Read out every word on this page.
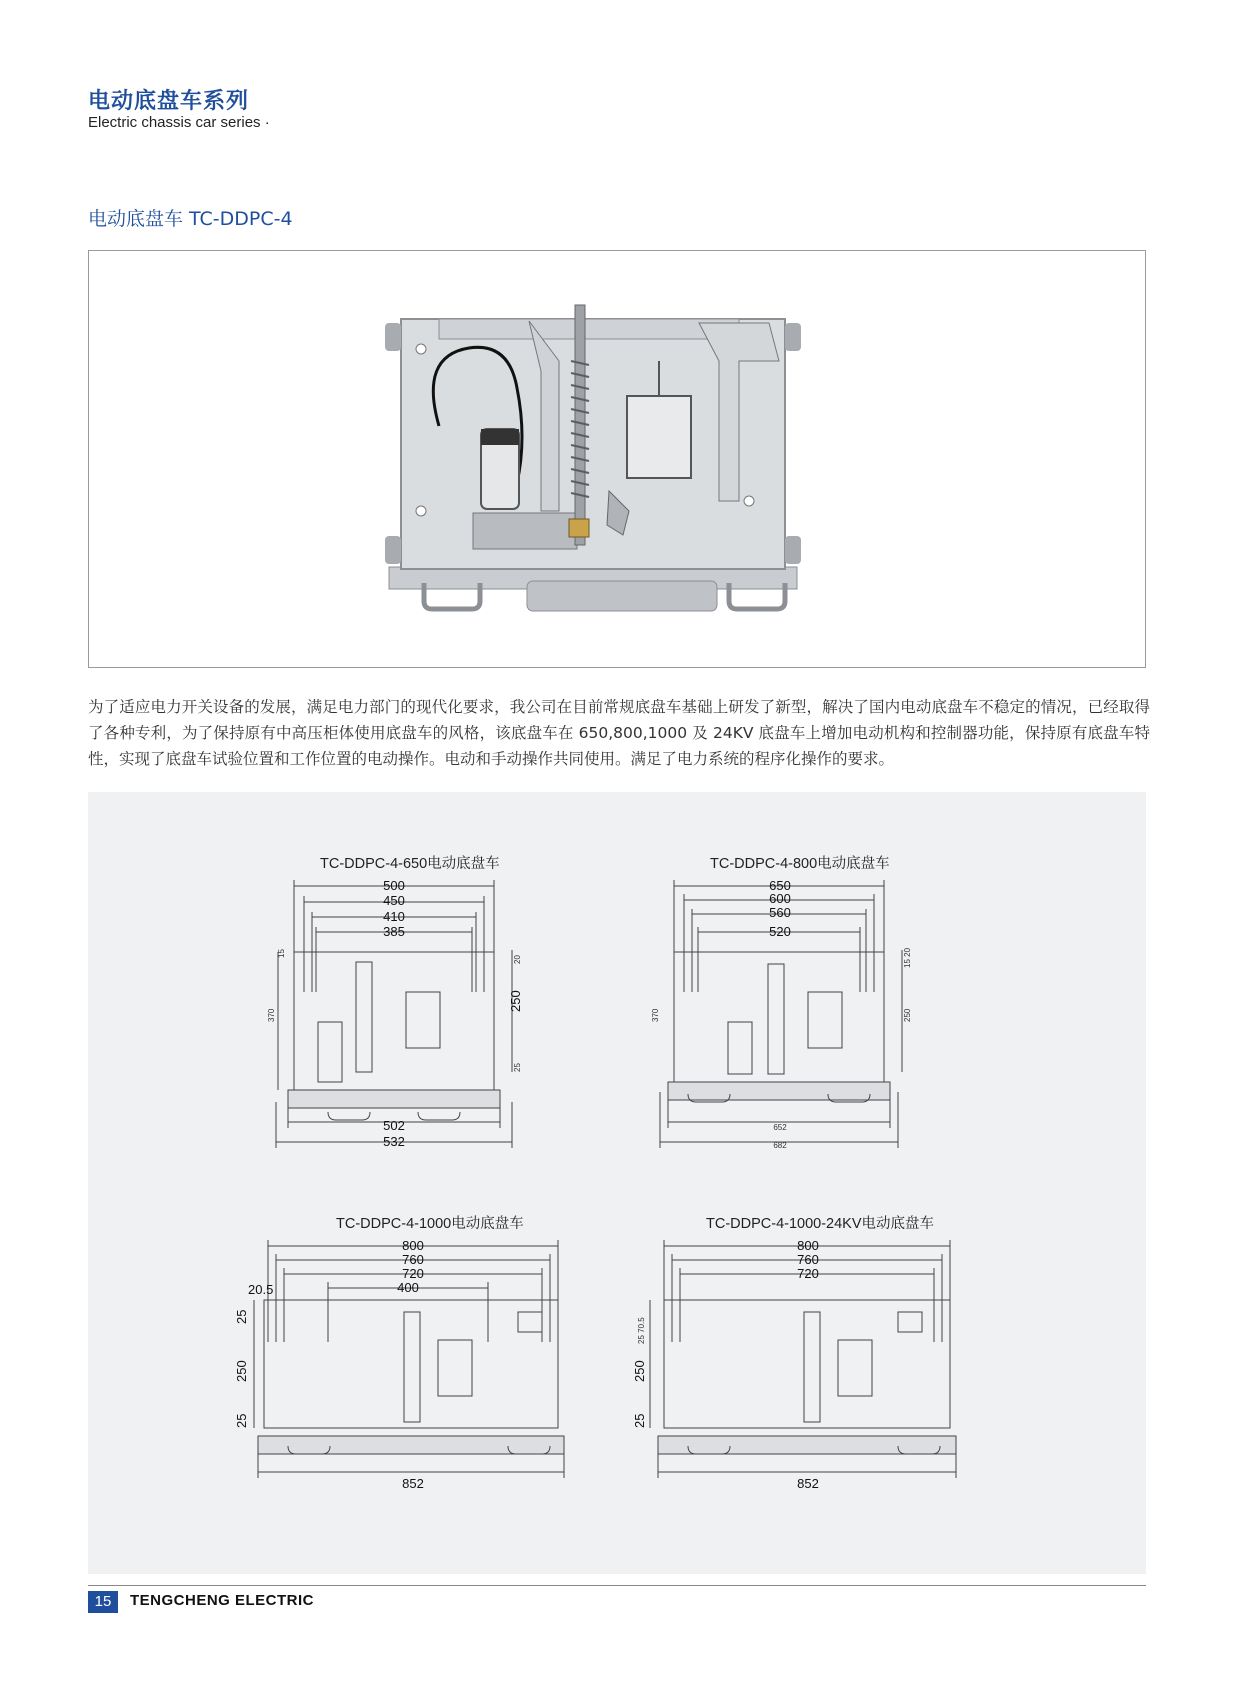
电动底盘车系列
Electric chassis car series ·
电动底盘车 TC-DDPC-4
为了适应电力开关设备的发展，满足电力部门的现代化要求，我公司在目前常规底盘车基础上研发了新型，解决了国内电动底盘车不稳定的情况，已经取得了各种专利，为了保持原有中高压柜体使用底盘车的风格，该底盘车在 650,800,1000 及 24KV 底盘车上增加电动机构和控制器功能，保持原有底盘车特性，实现了底盘车试验位置和工作位置的电动操作。电动和手动操作共同使用。满足了电力系统的程序化操作的要求。
TC-DDPC-4-650电动底盘车
500
450
410
385
502
532
20
250
25
370
15
TC-DDPC-4-800电动底盘车
650
600
560
520
652
682
15 20
250
370
TC-DDPC-4-1000电动底盘车
800
760
720
400
852
20.5
25
250
25
TC-DDPC-4-1000-24KV电动底盘车
800
760
720
852
25 70.5
250
25
15	TENGCHENG ELECTRIC
